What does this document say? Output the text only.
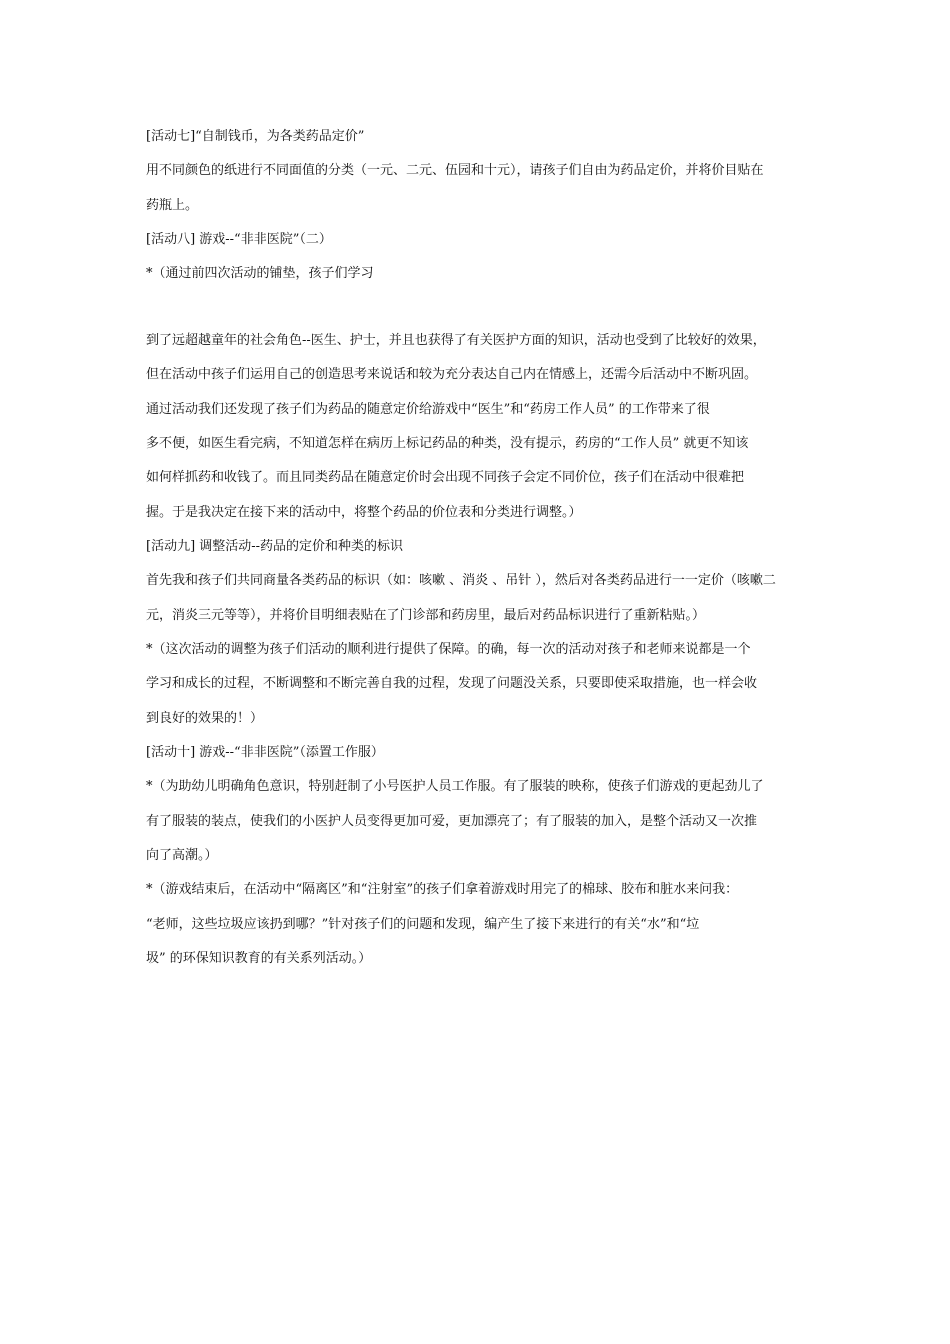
[活动七]“自制钱币，为各类药品定价”
用不同颜色的纸进行不同面值的分类（一元、二元、伍园和十元），请孩子们自由为药品定价，并将价目贴在
药瓶上。
[活动八] 游戏--“非非医院”（二）
*（通过前四次活动的铺垫，孩子们学习
到了远超越童年的社会角色--医生、护士，并且也获得了有关医护方面的知识，活动也受到了比较好的效果，
但在活动中孩子们运用自己的创造思考来说话和较为充分表达自己内在情感上，还需今后活动中不断巩固。
通过活动我们还发现了孩子们为药品的随意定价给游戏中“医生”和“药房工作人员” 的工作带来了很
多不便，如医生看完病，不知道怎样在病历上标记药品的种类，没有提示，药房的“工作人员” 就更不知该
如何样抓药和收钱了。而且同类药品在随意定价时会出现不同孩子会定不同价位，孩子们在活动中很难把
握。于是我决定在接下来的活动中，将整个药品的价位表和分类进行调整。）
[活动九] 调整活动--药品的定价和种类的标识
首先我和孩子们共同商量各类药品的标识（如：咳嗽 、消炎 、吊针 ），然后对各类药品进行一一定价（咳嗽二
元，消炎三元等等），并将价目明细表贴在了门诊部和药房里，最后对药品标识进行了重新粘贴。）
*（这次活动的调整为孩子们活动的顺利进行提供了保障。的确，每一次的活动对孩子和老师来说都是一个
学习和成长的过程，不断调整和不断完善自我的过程，发现了问题没关系，只要即使采取措施，也一样会收
到良好的效果的！）
[活动十] 游戏--“非非医院”（添置工作服）
*（为助幼儿明确角色意识，特别赶制了小号医护人员工作服。有了服装的映称，使孩子们游戏的更起劲儿了
有了服装的装点，使我们的小医护人员变得更加可爱，更加漂亮了；有了服装的加入，是整个活动又一次推
向了高潮。）
*（游戏结束后，在活动中“隔离区”和“注射室”的孩子们拿着游戏时用完了的棉球、胶布和脏水来问我：
“老师，这些垃圾应该扔到哪？”针对孩子们的问题和发现，编产生了接下来进行的有关“水”和“垃
圾” 的环保知识教育的有关系列活动。）
